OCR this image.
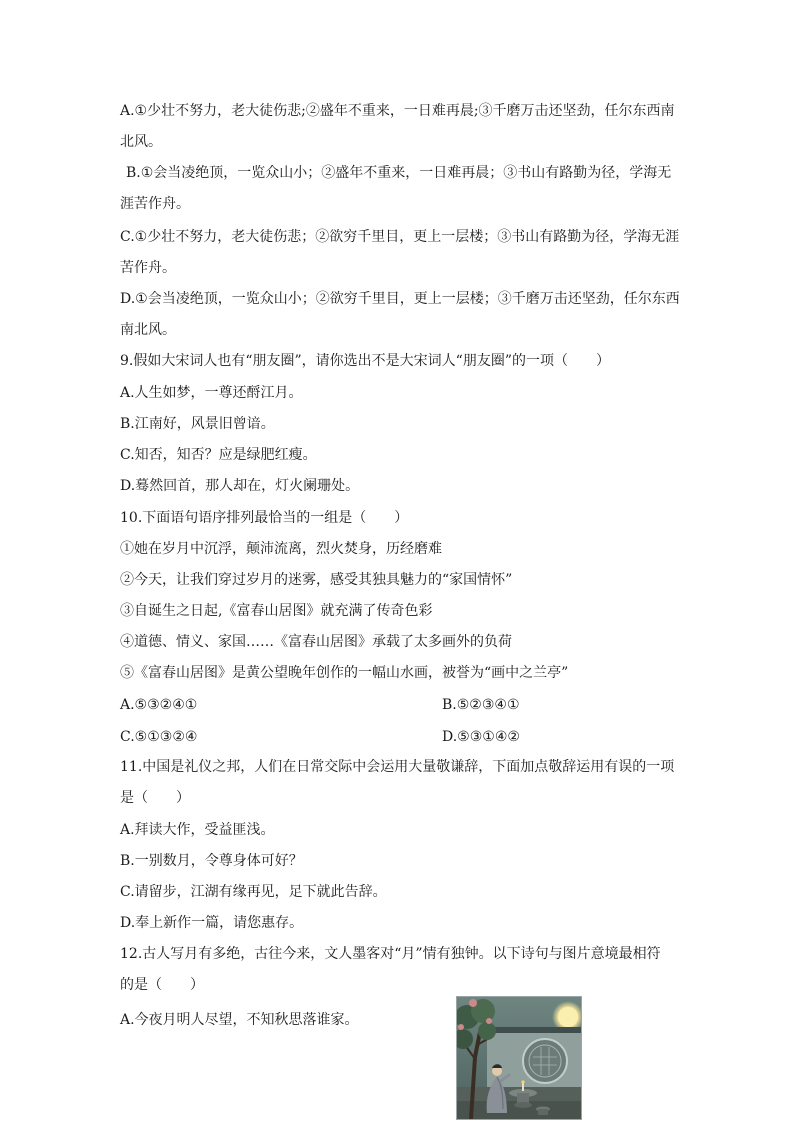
A.①少壮不努力，老大徒伤悲;②盛年不重来，一日难再晨;③千磨万击还坚劲，任尔东西南

北风。

B.①会当凌绝顶，一览众山小；②盛年不重来，一日难再晨；③书山有路勤为径，学海无

涯苦作舟。

C.①少壮不努力，老大徒伤悲；②欲穷千里目，更上一层楼；③书山有路勤为径，学海无涯

苦作舟。

D.①会当凌绝顶，一览众山小；②欲穷千里目，更上一层楼；③千磨万击还坚劲，任尔东西

南北风。

9.假如大宋词人也有“朋友圈”，请你选出不是大宋词人“朋友圈”的一项（　　）

A.人生如梦，一尊还酹江月。

B.江南好，风景旧曾谙。

C.知否，知否？应是绿肥红瘦。

D.蓦然回首，那人却在，灯火阑珊处。

10.下面语句语序排列最恰当的一组是（　　）

①她在岁月中沉浮，颠沛流离，烈火焚身，历经磨难

②今天，让我们穿过岁月的迷雾，感受其独具魅力的“家国情怀”

③自诞生之日起,《富春山居图》就充满了传奇色彩

④道德、情义、家国……《富春山居图》承载了太多画外的负荷

⑤《富春山居图》是黄公望晚年创作的一幅山水画，被誉为“画中之兰亭”

A.⑤③②④①	B.⑤②③④①

C.⑤①③②④	D.⑤③①④②

11.中国是礼仪之邦，人们在日常交际中会运用大量敬谦辞，下面加点敬辞运用有误的一项

是（　　）

A.拜读大作，受益匪浅。

B.一别数月，令尊身体可好？

C.请留步，江湖有缘再见，足下就此告辞。

D.奉上新作一篇，请您惠存。

12.古人写月有多绝，古往今来，文人墨客对“月”情有独钟。以下诗句与图片意境最相符

的是（　　）

A.今夜月明人尽望，不知秋思落谁家。
